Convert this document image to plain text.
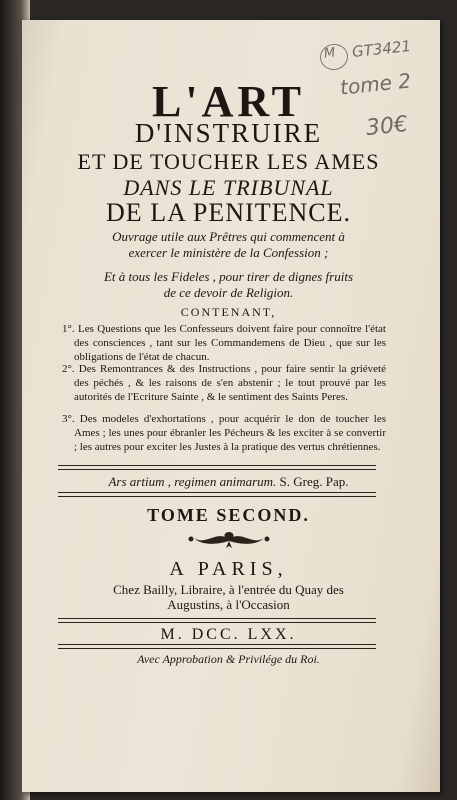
M GT3421
tome 2
30€
L'ART
D'INSTRUIRE
ET DE TOUCHER LES AMES
DANS LE TRIBUNAL
DE LA PENITENCE.
Ouvrage utile aux Prêtres qui commencent à
exercer le ministère de la Confession ;
Et à tous les Fideles , pour tirer de dignes fruits
de ce devoir de Religion.
CONTENANT,
1°. Les Questions que les Confesseurs doivent faire pour connoître l'état des consciences , tant sur les Commandemens de Dieu , que sur les obligations de l'état de chacun.
2°. Des Remontrances & des Instructions , pour faire sentir la griéveté des péchés , & les raisons de s'en abstenir ; le tout prouvé par les autorités de l'Ecriture Sainte , & le sentiment des Saints Peres.
3°. Des modeles d'exhortations , pour acquérir le don de toucher les Ames ; les unes pour ébranler les Pécheurs & les exciter à se convertir ; les autres pour exciter les Justes à la pratique des vertus chrétiennes.
Ars artium , regimen animarum. S. Greg. Pap.
TOME SECOND.
A PARIS,
Chez Bailly, Libraire, à l'entrée du Quay des
Augustins, à l'Occasion
M. DCC. LXX.
Avec Approbation & Privilége du Roi.
